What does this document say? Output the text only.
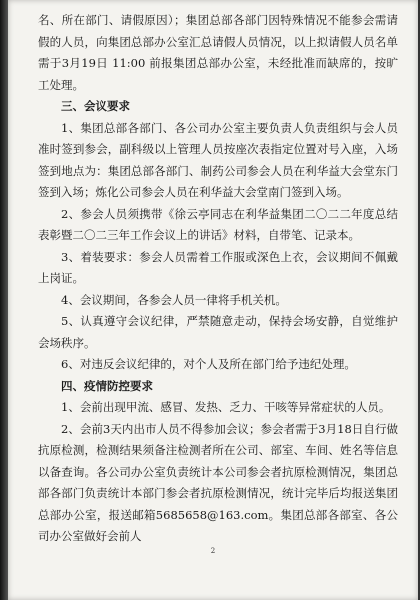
名、所在部门、请假原因）；集团总部各部门因特殊情况不能参会需请假的人员，向集团总部办公室汇总请假人员情况，以上拟请假人员名单需于3月19日 11:00 前报集团总部办公室，未经批准而缺席的，按旷工处理。

三、会议要求

1、集团总部各部门、各公司办公室主要负责人负责组织与会人员准时签到参会，副科级以上管理人员按座次表指定位置对号入座，入场签到地点为：集团总部各部门、制药公司参会人员在利华益大会堂东门签到入场；炼化公司参会人员在利华益大会堂南门签到入场。

2、参会人员须携带《徐云亭同志在利华益集团二〇二二年度总结表彰暨二〇二三年工作会议上的讲话》材料，自带笔、记录本。

3、着装要求：参会人员需着工作服或深色上衣，会议期间不佩戴上岗证。

4、会议期间，各参会人员一律将手机关机。

5、认真遵守会议纪律，严禁随意走动，保持会场安静，自觉维护会场秩序。

6、对违反会议纪律的，对个人及所在部门给予违纪处理。

四、疫情防控要求

1、会前出现甲流、感冒、发热、乏力、干咳等异常症状的人员。

2、会前3天内出市人员不得参加会议；参会者需于3月18日自行做抗原检测，检测结果须备注检测者所在公司、部室、车间、姓名等信息以备查询。各公司办公室负责统计本公司参会者抗原检测情况，集团总部各部门负责统计本部门参会者抗原检测情况，统计完毕后均报送集团总部办公室，报送邮箱5685658@163.com。集团总部各部室、各公司办公室做好会前人

2
